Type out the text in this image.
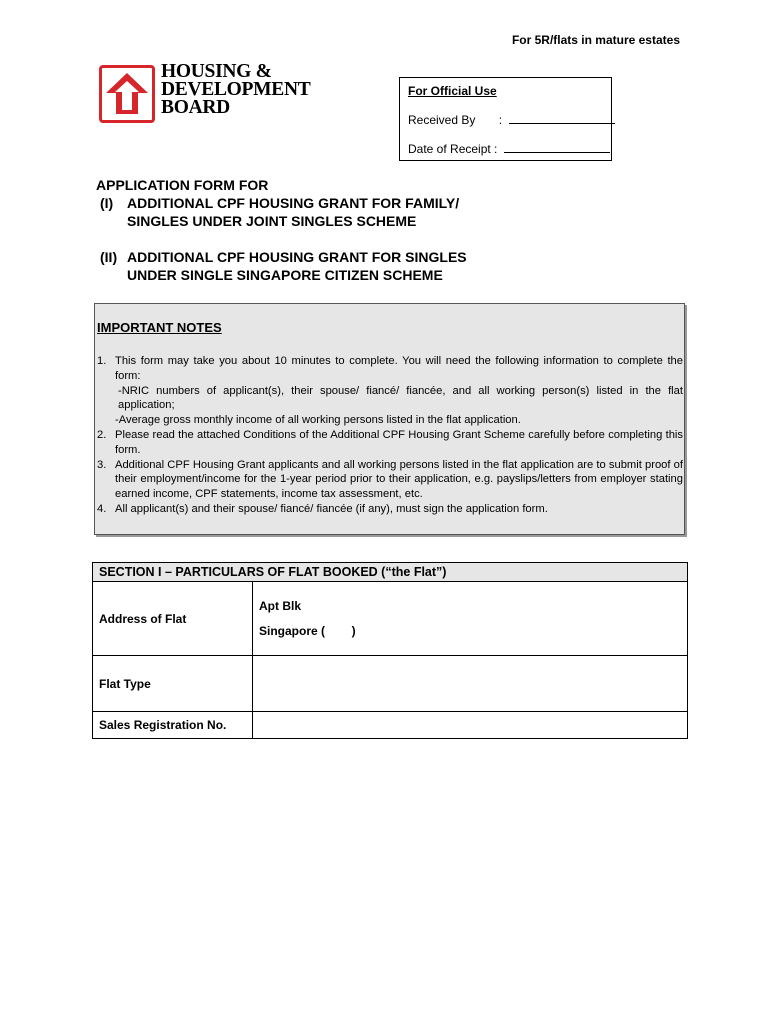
For 5R/flats in mature estates
HOUSING &
DEVELOPMENT
BOARD
For Official Use
Received By :
Date of Receipt :
APPLICATION FORM FOR
(I) ADDITIONAL CPF HOUSING GRANT FOR FAMILY/
SINGLES UNDER JOINT SINGLES SCHEME
(II) ADDITIONAL CPF HOUSING GRANT FOR SINGLES
UNDER SINGLE SINGAPORE CITIZEN SCHEME
IMPORTANT NOTES
1. This form may take you about 10 minutes to complete. You will need the following information to complete the form:
-NRIC numbers of applicant(s), their spouse/ fiancé/ fiancée, and all working person(s) listed in the flat application;
-Average gross monthly income of all working persons listed in the flat application.
2. Please read the attached Conditions of the Additional CPF Housing Grant Scheme carefully before completing this form.
3. Additional CPF Housing Grant applicants and all working persons listed in the flat application are to submit proof of their employment/income for the 1-year period prior to their application, e.g. payslips/letters from employer stating earned income, CPF statements, income tax assessment, etc.
4. All applicant(s) and their spouse/ fiancé/ fiancée (if any), must sign the application form.
SECTION I – PARTICULARS OF FLAT BOOKED (“the Flat”)	
Address of Flat	Apt Blk
Singapore (        )

Flat Type	
Sales Registration No.	
